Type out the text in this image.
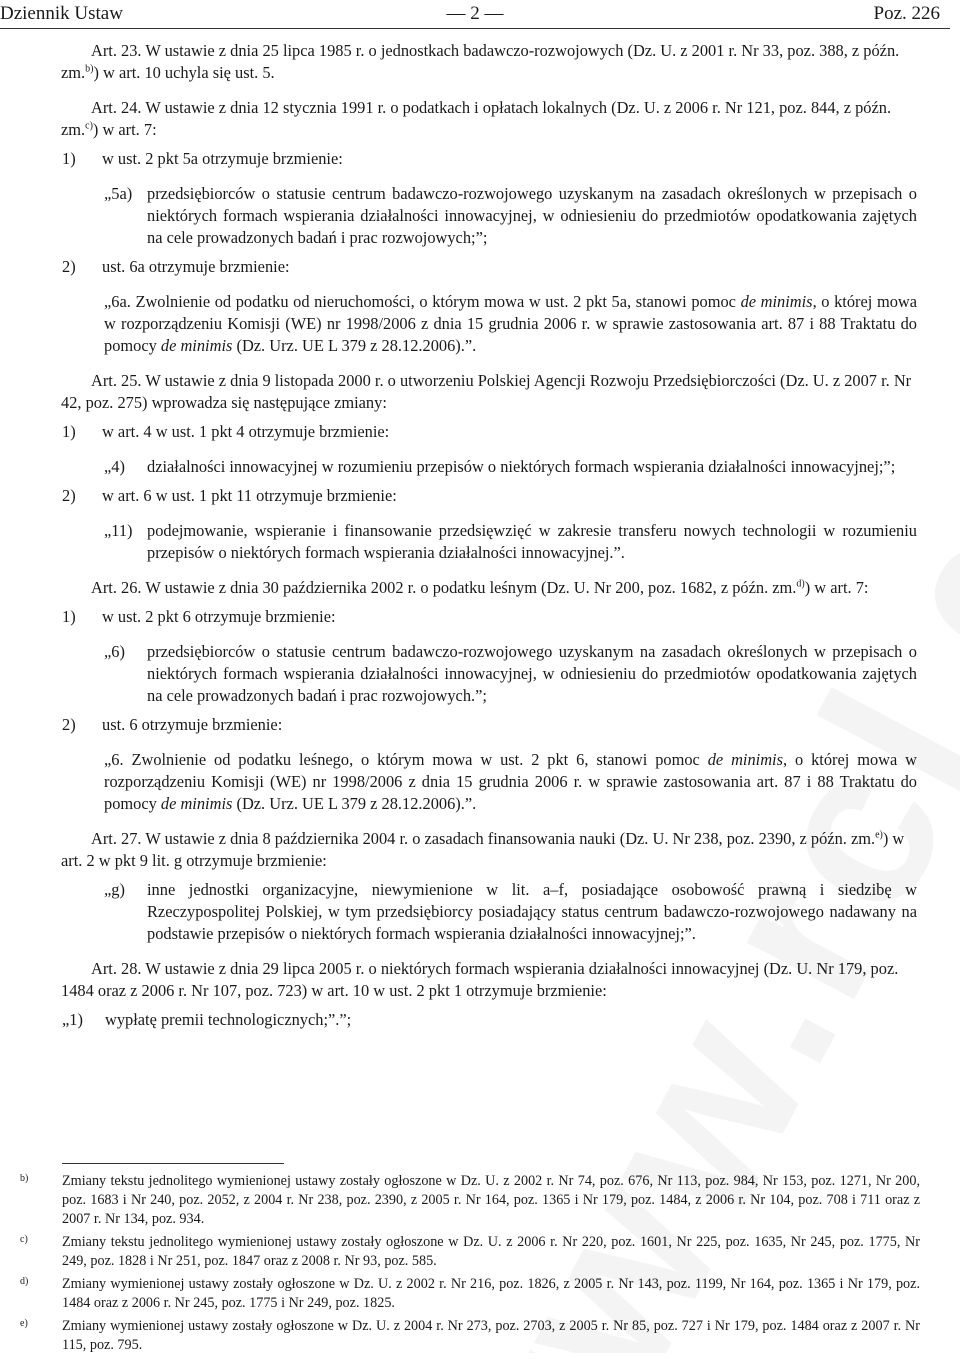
Dziennik Ustaw	— 2 —	Poz. 226

Art. 23. W ustawie z dnia 25 lipca 1985 r. o jednostkach badawczo-rozwojowych (Dz. U. z 2001 r. Nr 33, poz. 388, z późn. zm.$^{b)}$) w art. 10 uchyla się ust. 5.

Art. 24. W ustawie z dnia 12 stycznia 1991 r. o podatkach i opłatach lokalnych (Dz. U. z 2006 r. Nr 121, poz. 844, z późn. zm.$^{c)}$) w art. 7:

1)	w ust. 2 pkt 5a otrzymuje brzmienie:
„5a) przedsiębiorców o statusie centrum badawczo-rozwojowego uzyskanym na zasadach określonych w przepisach o niektórych formach wspierania działalności innowacyjnej, w odniesieniu do przedmiotów opodatkowania zajętych na cele prowadzonych badań i prac rozwojowych;”;
2)	ust. 6a otrzymuje brzmienie:

„6a. Zwolnienie od podatku od nieruchomości, o którym mowa w ust. 2 pkt 5a, stanowi pomoc de minimis, o której mowa w rozporządzeniu Komisji (WE) nr 1998/2006 z dnia 15 grudnia 2006 r. w sprawie zastosowania art. 87 i 88 Traktatu do pomocy de minimis (Dz. Urz. UE L 379 z 28.12.2006).”.

Art. 25. W ustawie z dnia 9 listopada 2000 r. o utworzeniu Polskiej Agencji Rozwoju Przedsiębiorczości (Dz. U. z 2007 r. Nr 42, poz. 275) wprowadza się następujące zmiany:

1)	w art. 4 w ust. 1 pkt 4 otrzymuje brzmienie:
„4)	działalności innowacyjnej w rozumieniu przepisów o niektórych formach wspierania działalności innowacyjnej;”;
2)	w art. 6 w ust. 1 pkt 11 otrzymuje brzmienie:
„11) podejmowanie, wspieranie i finansowanie przedsięwzięć w zakresie transferu nowych technologii w rozumieniu przepisów o niektórych formach wspierania działalności innowacyjnej.”.

Art. 26. W ustawie z dnia 30 października 2002 r. o podatku leśnym (Dz. U. Nr 200, poz. 1682, z późn. zm.$^{d)}$) w art. 7:

1)	w ust. 2 pkt 6 otrzymuje brzmienie:
„6)	przedsiębiorców o statusie centrum badawczo-rozwojowego uzyskanym na zasadach określonych w przepisach o niektórych formach wspierania działalności innowacyjnej, w odniesieniu do przedmiotów opodatkowania zajętych na cele prowadzonych badań i prac rozwojowych.”;
2)	ust. 6 otrzymuje brzmienie:

„6. Zwolnienie od podatku leśnego, o którym mowa w ust. 2 pkt 6, stanowi pomoc de minimis, o której mowa w rozporządzeniu Komisji (WE) nr 1998/2006 z dnia 15 grudnia 2006 r. w sprawie zastosowania art. 87 i 88 Traktatu do pomocy de minimis (Dz. Urz. UE L 379 z 28.12.2006).”.

Art. 27. W ustawie z dnia 8 października 2004 r. o zasadach finansowania nauki (Dz. U. Nr 238, poz. 2390, z późn. zm.$^{e)}$) w art. 2 w pkt 9 lit. g otrzymuje brzmienie:

„g)	inne jednostki organizacyjne, niewymienione w lit. a–f, posiadające osobowość prawną i siedzibę w Rzeczypospolitej Polskiej, w tym przedsiębiorcy posiadający status centrum badawczo-rozwojowego nadawany na podstawie przepisów o niektórych formach wspierania działalności innowacyjnej;”.

Art. 28. W ustawie z dnia 29 lipca 2005 r. o niektórych formach wspierania działalności innowacyjnej (Dz. U. Nr 179, poz. 1484 oraz z 2006 r. Nr 107, poz. 723) w art. 10 w ust. 2 pkt 1 otrzymuje brzmienie:

„1)	wypłatę premii technologicznych;”.”;
b)	Zmiany tekstu jednolitego wymienionej ustawy zostały ogłoszone w Dz. U. z 2002 r. Nr 74, poz. 676, Nr 113, poz. 984, Nr 153, poz. 1271, Nr 200, poz. 1683 i Nr 240, poz. 2052, z 2004 r. Nr 238, poz. 2390, z 2005 r. Nr 164, poz. 1365 i Nr 179, poz. 1484, z 2006 r. Nr 104, poz. 708 i 711 oraz z 2007 r. Nr 134, poz. 934.
c)	Zmiany tekstu jednolitego wymienionej ustawy zostały ogłoszone w Dz. U. z 2006 r. Nr 220, poz. 1601, Nr 225, poz. 1635, Nr 245, poz. 1775, Nr 249, poz. 1828 i Nr 251, poz. 1847 oraz z 2008 r. Nr 93, poz. 585.
d)	Zmiany wymienionej ustawy zostały ogłoszone w Dz. U. z 2002 r. Nr 216, poz. 1826, z 2005 r. Nr 143, poz. 1199, Nr 164, poz. 1365 i Nr 179, poz. 1484 oraz z 2006 r. Nr 245, poz. 1775 i Nr 249, poz. 1825.
e)	Zmiany wymienionej ustawy zostały ogłoszone w Dz. U. z 2004 r. Nr 273, poz. 2703, z 2005 r. Nr 85, poz. 727 i Nr 179, poz. 1484 oraz z 2007 r. Nr 115, poz. 795.
